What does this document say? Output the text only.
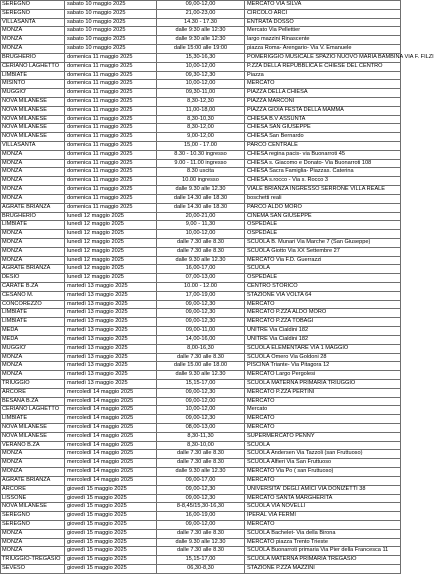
SEREGNO	sabato 10 maggio 2025	09,00-12,00	MERCATO VIA SILVA
SEREGNO	sabato 10 maggio 2025	21,00-23,00	CIRCOLO ARCI
VILLASANTA	sabato 10 maggio 2025	14.30 - 17.30	ENTRATA DOSSO
MONZA	sabato 10 maggio 2025	dalle 9:30 alle 12:30	Mercato Via Pellettier
MONZA	sabato 10 maggio 2025	dalle 9:30 alle 12:30	largo mazzini Rinascente
MONZA	sabato 10 maggio 2025	dalle 15:00 alle 19:00	piazza Roma- Arengario- Via V. Emanuele
BRUGHERIO	domenica 11 maggio 2025	15,30-16,30	POMERIGGIO MUSICALE SPAZIO NUOVO MARIA BAMBINA VIA F. FILZI
CERIANO LAGHETTO	domenica 11 maggio 2025	10,00-12,00	P.ZZA DELLA REPUBBLICA E CHIESE DEL CENTRO
LIMBIATE	domenica 11 maggio 2025	09,30-12,30	Piazza
MISINTO	domenica 11 maggio 2025	10,00-12,00	MERCATO
MUGGIO'	domenica 11 maggio 2025	09,30-11,00	PIAZZA DELLA CHIESA
NOVA MILANESE	domenica 11 maggio 2025	8,30-12,30	PIAZZA MARCONI
NOVA MILANESE	domenica 11 maggio 2025	11,00-18,00	PIAZZA GIOIA FESTA DELLA MAMMA
NOVA MILANESE	domenica 11 maggio 2025	8,30-10,30	CHIESA B.V ASSUNTA
NOVA MILANESE	domenica 11 maggio 2025	8,30-12,00	CHIESA SAN GIUSEPPE
NOVA MILANESE	domenica 11 maggio 2025	9,00-12,00	CHIESA San Bernardo
VILLASANTA	domenica 11 maggio 2025	15,00 - 17.00	PARCO CENTRALE
MONZA	domenica 11 maggio 2025	8.30 - 10.30 ingresso	CHIESA regina pacis- via Buonarroti 45
MONZA	domenica 11 maggio 2025	9.00 - 11.00 ingresso	CHIESA s. Giacomo e Donato- Via Buonarroti 108
MONZA	domenica 11 maggio 2025	8.30 uscita	CHIESA Sacra Famiglia- Piazzas. Caterina
MONZA	domenica 11 maggio 2025	10.00 ingresso	CHIESA s.rocco - Via s. Rocco 3
MONZA	domenica 11 maggio 2025	dalle 9.30 alle 12.30	VIALE BRIANZA INGRESSO SERRONE VILLA REALE
MONZA	domenica 11 maggio 2025	dalle 14.30 alle 18.30	boschetti reali
AGRATE BRIANZA	domenica 11 maggio 2025	dalle 14.30 alle 18.30	PARCO ALDO MORO
BRUGHERIO	lunedì 12 maggio 2025	20,00-21,00	CINEMA SAN GIUSEPPE
LIMBIATE	lunedì 12 maggio 2025	9,00 - 11,30	OSPEDALE
MONZA	lunedì 12 maggio 2025	10,00-12,00	OSPEDALE
MONZA	lunedì 12 maggio 2025	dalle 7.30 alle 8.30	SCUOLA B. Munari Via Marche 7 (San Giuseppe)
MONZA	lunedì 12 maggio 2025	dalle 7.30 alle 8.30	SCUOLA Giotto Via XX Settembre 27
MONZA	lunedì 12 maggio 2025	dalle 9.30 alle 12.30	MERCATO Via F.D. Guerrazzi
AGRATE BRIANZA	lunedì 12 maggio 2025	16,00-17,00	SCUOLA
DESIO	lunedì 12 maggio 2025	07,00-13,00	OSPEDALE
CARATE B.ZA	martedì 13 maggio 2025	10.00 - 12.00	CENTRO STORICO
CESANO M.	martedì 13 maggio 2025	17,00-19,00	STAZIONE VIA VOLTA 64
CONCOREZZO	martedì 13 maggio 2025	09,00-12,30	MERCATO
LIMBIATE	martedì 13 maggio 2025	09,00-12,30	MERCATO P.ZZA ALDO MORO
LIMBIATE	martedì 13 maggio 2025	09,00-12,30	MERCATO P.ZZA TOBAGI
MEDA	martedì 13 maggio 2025	09,00-11,00	UNITRE Via Cialdini 182
MEDA	martedì 13 maggio 2025	14,00-16,00	UNITRE Via Cialdini 182
MUGGIO'	martedì 13 maggio 2025	8,00-16,30	SCUOLA ELEMENTARE VIA 1 MAGGIO
MONZA	martedì 13 maggio 2025	dalle 7.30 alle 8.30	SCUOLA Omero Via Goldoni 28
MONZA	martedì 13 maggio 2025	dalle 15.00 alle 18.00	PISCINA Triante- Via Pitagora 12
MONZA	martedì 13 maggio 2025	dalle 9.30 alle 12.30	MERCATO Largo Pergolesi
TRIUGGIO	martedì 13 maggio 2025	15,15-17,00	SCUOLA MATERNA PRIMARIA TRIUGGIO
ARCORE	mercoledì 14 maggio 2025	09,00-12,30	MERCATO P.ZZA PERTINI
BESANA B.ZA	mercoledì 14 maggio 2025	09,00-12,00	MERCATO
CERIANO LAGHETTO	mercoledì 14 maggio 2025	10,00-12,00	Mercato
LIMBIATE	mercoledì 14 maggio 2025	09,00-12,30	MERCATO
NOVA MILANESE	mercoledì 14 maggio 2025	08,00-13,00	MERCATO
NOVA MILANESE	mercoledì 14 maggio 2025	8,30-11,30	SUPERMERCATO PENNY
VERANO B.ZA	mercoledì 14 maggio 2025	8,30-10,00	SCUOLA
MONZA	mercoledì 14 maggio 2025	dalle 7.30 alle 8.30	SCUOLA Andersen Via Tazzoli (san Fruttuoso)
MONZA	mercoledì 14 maggio 2025	dalle 7.30 alle 8.30	SCUOLA Alfieri Via San Fruttuoso
MONZA	mercoledì 14 maggio 2025	dalle 9.30 alle 12.30	MERCATO Via Po ( san Fruttuoso)
AGRATE BRIANZA	mercoledì 14 maggio 2025	09,00-17,00	MERCATO
ARCORE	giovedì 15 maggio 2025	09,00-12,30	UNIVERSITA' DEGLI AMICI VIA DONIZETTI 38
LISSONE	giovedì 15 maggio 2025	09,00-12,30	MERCATO SANTA MARGHERITA
NOVA MILANESE	giovedì 15 maggio 2025	8-8,45/15,30-16,30	SCUOLA VIA NOVELLI
SEREGNO	giovedì 15 maggio 2025	16,00-19,00	IPERAL VIA FERMI
SEREGNO	giovedì 15 maggio 2025	09,00-12,00	MERCATO
MONZA	giovedì 15 maggio 2025	dalle 7.30 alle 8.30	SCUOLA Bachelet- Via della Birona
MONZA	giovedì 15 maggio 2025	dalle 9.30 alle 12.30	MERCATO piazza Trento Trieste
MONZA	giovedì 15 maggio 2025	dalle 7.30 alle 8.30	SCUOLA Buonarroti primaria Via Pier della Francesca 11
TRIUGGIO-TREGASIO	giovedì 15 maggio 2025	15,15-17,00	SCUOLA MATERNA PRIMARIA TREGASIO
SEVESO	giovedì 15 maggio 2025	06,30-8,30	STAZIONE P.ZZA MAZZINI
